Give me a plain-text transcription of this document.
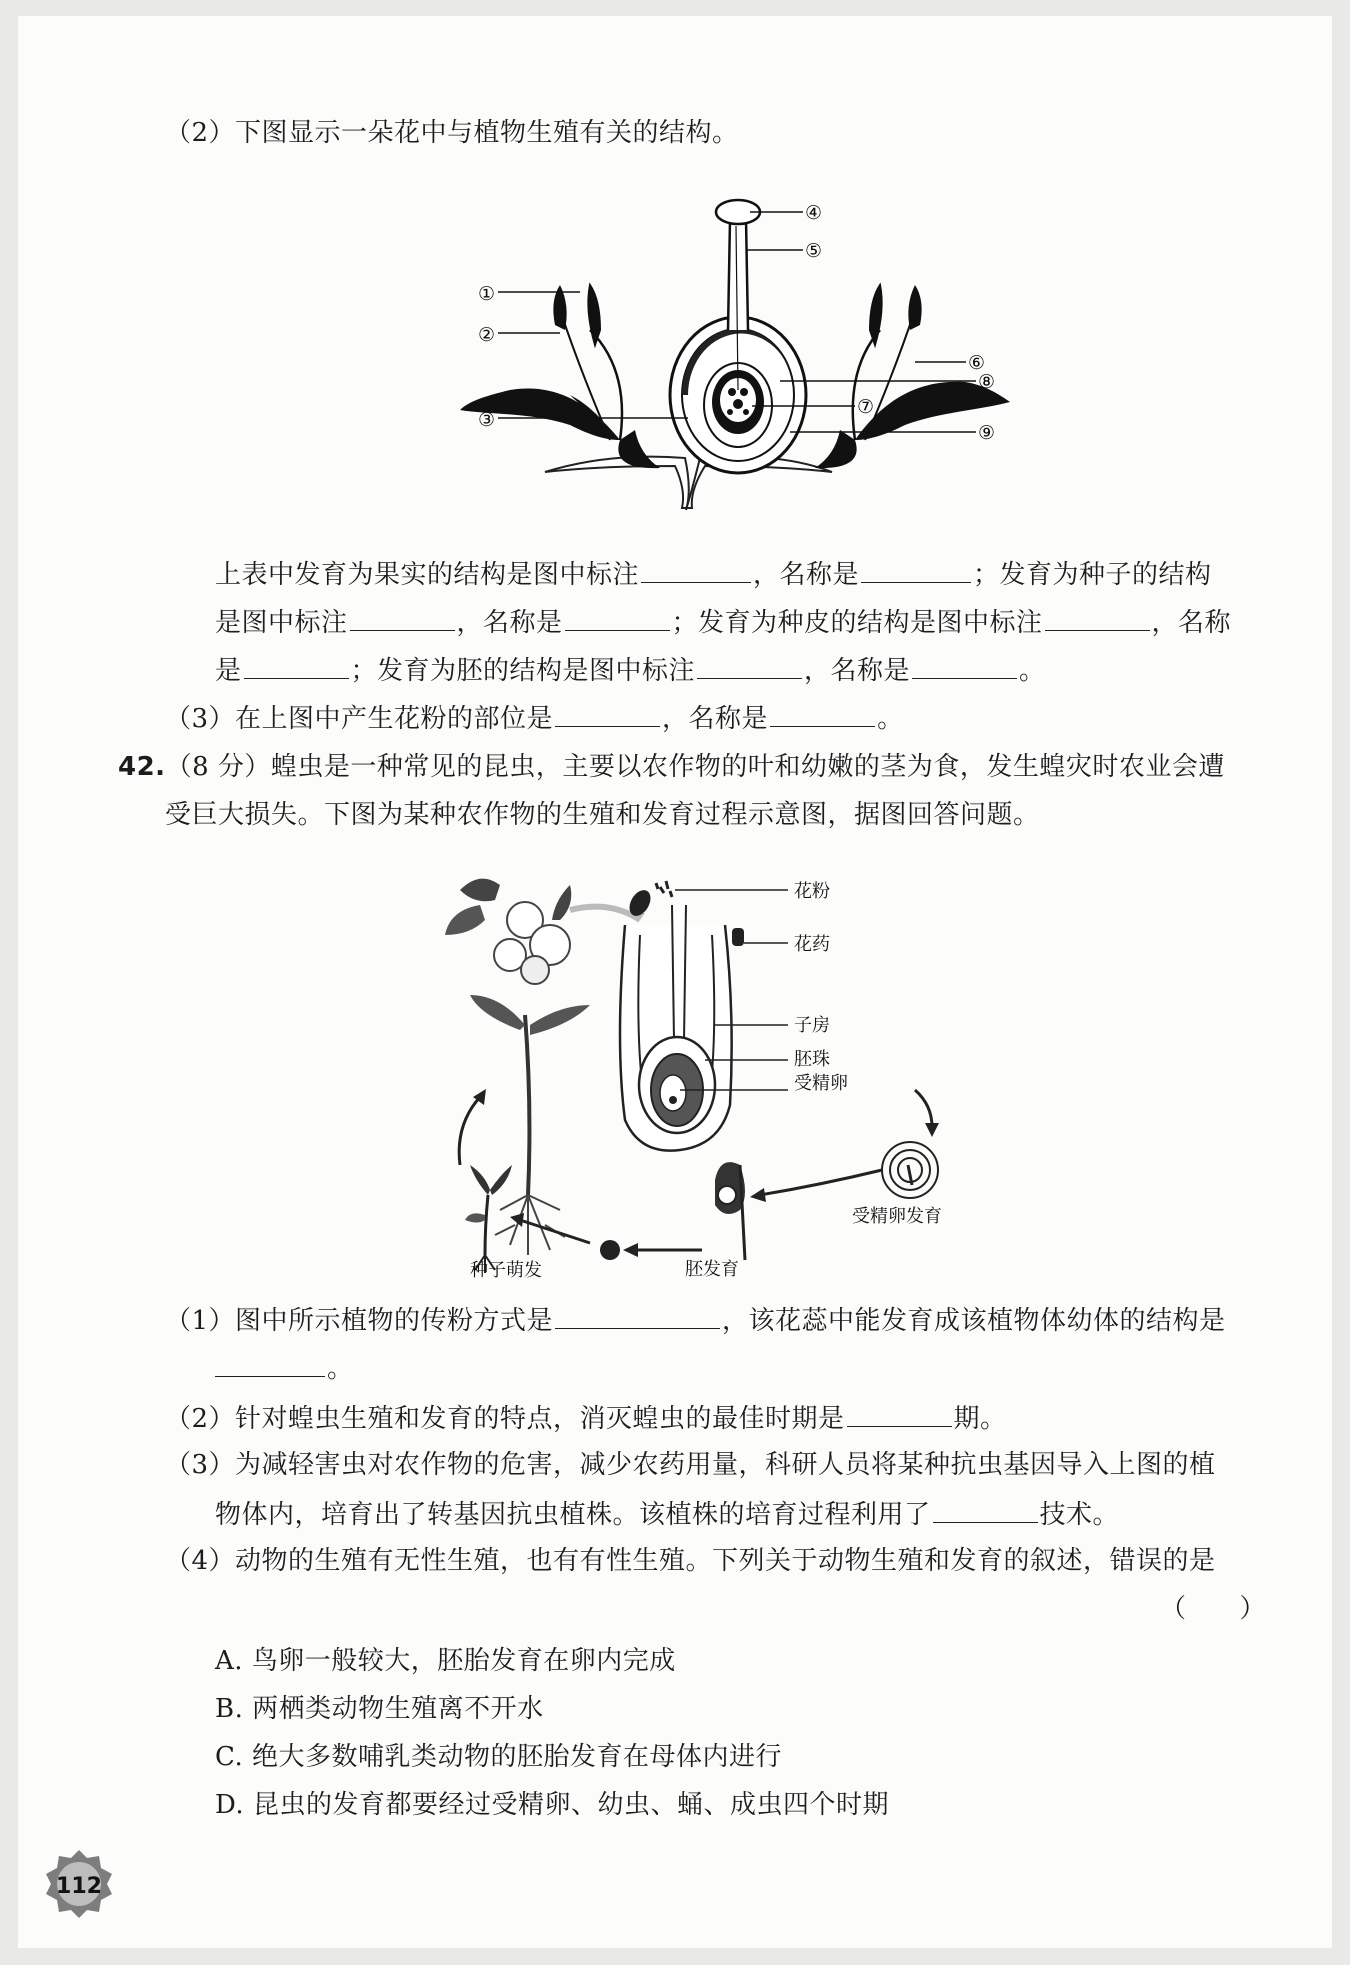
（2）下图显示一朵花中与植物生殖有关的结构。
①
②
③
④
⑤
⑥
⑦
⑧
⑨
上表中发育为果实的结构是图中标注	，名称是	；发育为种子的结构
是图中标注	，名称是	；发育为种皮的结构是图中标注	，名称
是	；发育为胚的结构是图中标注	，名称是	。
（3）在上图中产生花粉的部位是	，名称是	。
42.（8 分）蝗虫是一种常见的昆虫，主要以农作物的叶和幼嫩的茎为食，发生蝗灾时农业会遭
受巨大损失。下图为某种农作物的生殖和发育过程示意图，据图回答问题。
花粉
花药
子房
胚珠
受精卵
受精卵发育
胚发育
种子萌发
（1）图中所示植物的传粉方式是	，该花蕊中能发育成该植物体幼体的结构是
。
（2）针对蝗虫生殖和发育的特点，消灭蝗虫的最佳时期是	期。
（3）为减轻害虫对农作物的危害，减少农药用量，科研人员将某种抗虫基因导入上图的植
物体内，培育出了转基因抗虫植株。该植株的培育过程利用了	技术。
（4）动物的生殖有无性生殖，也有有性生殖。下列关于动物生殖和发育的叙述，错误的是
（　　）
A. 鸟卵一般较大，胚胎发育在卵内完成
B. 两栖类动物生殖离不开水
C. 绝大多数哺乳类动物的胚胎发育在母体内进行
D. 昆虫的发育都要经过受精卵、幼虫、蛹、成虫四个时期
112
